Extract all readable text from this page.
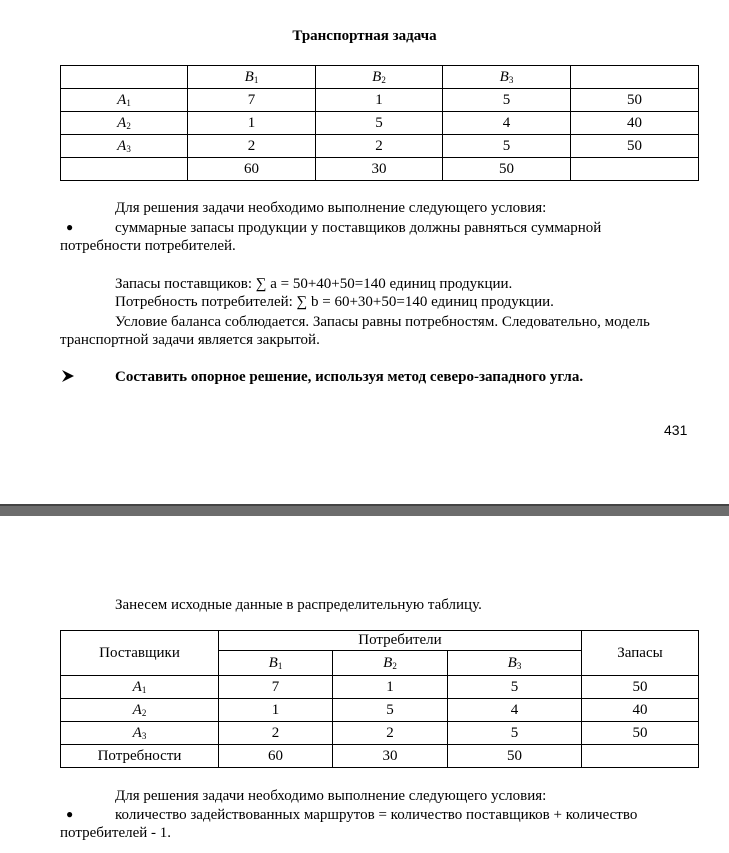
Транспортная задача
	$B_1$	$B_2$	$B_3$	
$A_1$	7	1	5	50
$A_2$	1	5	4	40
$A_3$	2	2	5	50
	60	30	50	
Для решения задачи необходимо выполнение следующего условия:
●	суммарные запасы продукции у поставщиков должны равняться суммарной
потребности потребителей.
Запасы поставщиков: ∑ a = 50+40+50=140 единиц продукции.
Потребность потребителей: ∑ b = 60+30+50=140 единиц продукции.
Условие баланса соблюдается. Запасы равны потребностям. Следовательно, модель
транспортной задачи является закрытой.
Составить опорное решение, используя метод северо-западного угла.
431
Занесем исходные данные в распределительную таблицу.
Поставщики	Потребители			Запасы
	$B_1$	$B_2$	$B_3$
$A_1$	7	1	5	50
$A_2$	1	5	4	40
$A_3$	2	2	5	50
Потребности	60	30	50	
Для решения задачи необходимо выполнение следующего условия:
●	количество задействованных маршрутов = количество поставщиков + количество
потребителей - 1.
